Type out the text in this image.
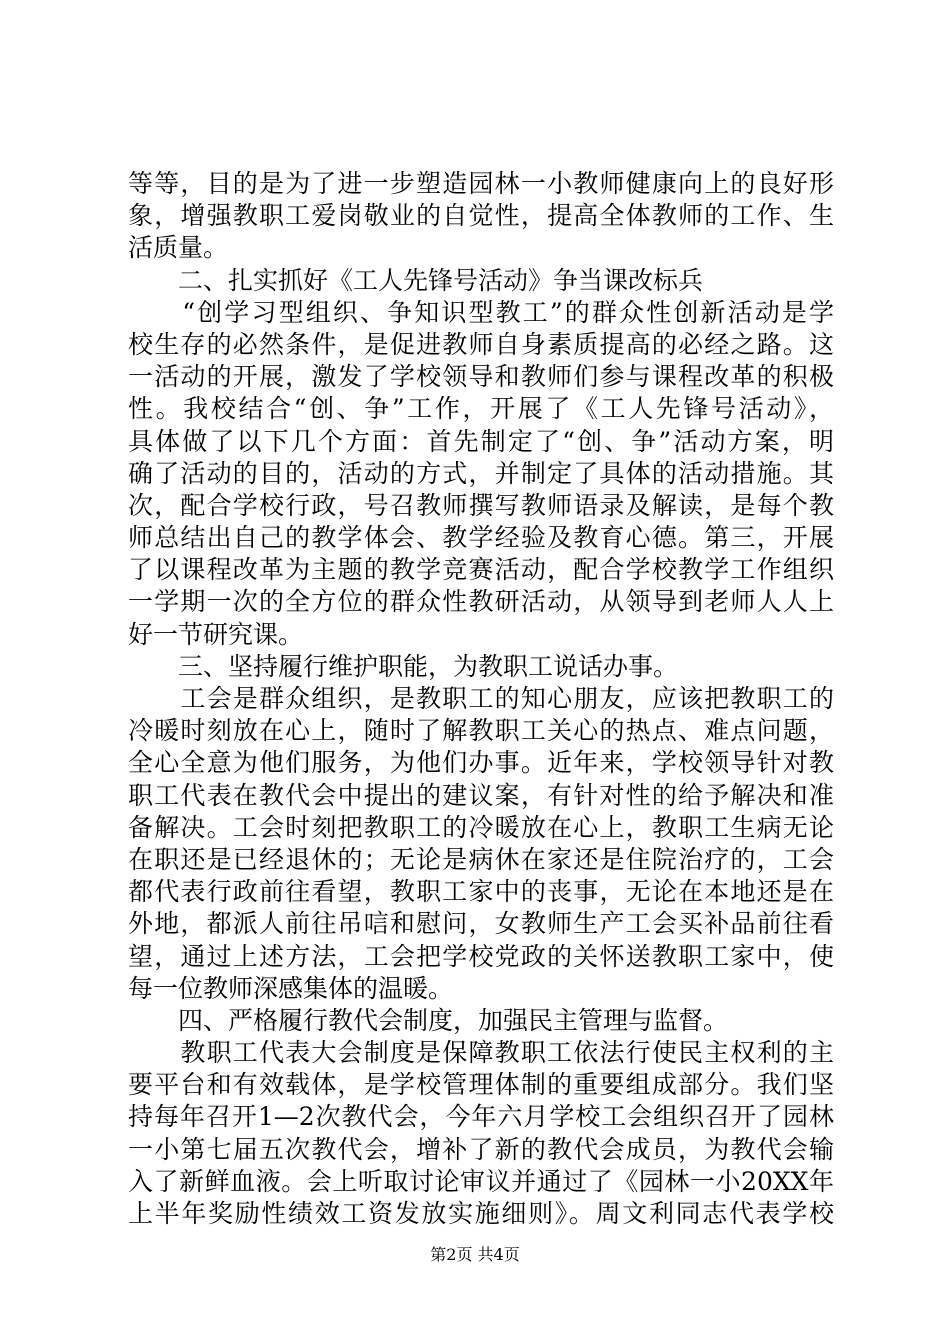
等等，目的是为了进一步塑造园林一小教师健康向上的良好形
象，增强教职工爱岗敬业的自觉性，提高全体教师的工作、生
活质量。
　　二、扎实抓好《工人先锋号活动》争当课改标兵
　　“创学习型组织、争知识型教工”的群众性创新活动是学
校生存的必然条件，是促进教师自身素质提高的必经之路。这
一活动的开展，激发了学校领导和教师们参与课程改革的积极
性。我校结合“创、争”工作，开展了《工人先锋号活动》，
具体做了以下几个方面：首先制定了“创、争”活动方案，明
确了活动的目的，活动的方式，并制定了具体的活动措施。其
次，配合学校行政，号召教师撰写教师语录及解读，是每个教
师总结出自己的教学体会、教学经验及教育心德。第三，开展
了以课程改革为主题的教学竞赛活动，配合学校教学工作组织
一学期一次的全方位的群众性教研活动，从领导到老师人人上
好一节研究课。
　　三、坚持履行维护职能，为教职工说话办事。
　　工会是群众组织，是教职工的知心朋友，应该把教职工的
冷暖时刻放在心上，随时了解教职工关心的热点、难点问题，
全心全意为他们服务，为他们办事。近年来，学校领导针对教
职工代表在教代会中提出的建议案，有针对性的给予解决和准
备解决。工会时刻把教职工的冷暖放在心上，教职工生病无论
在职还是已经退休的；无论是病休在家还是住院治疗的，工会
都代表行政前往看望，教职工家中的丧事，无论在本地还是在
外地，都派人前往吊唁和慰问，女教师生产工会买补品前往看
望，通过上述方法，工会把学校党政的关怀送教职工家中，使
每一位教师深感集体的温暖。
　　四、严格履行教代会制度，加强民主管理与监督。
　　教职工代表大会制度是保障教职工依法行使民主权利的主
要平台和有效载体，是学校管理体制的重要组成部分。我们坚
持每年召开1—2次教代会，今年六月学校工会组织召开了园林
一小第七届五次教代会，增补了新的教代会成员，为教代会输
入了新鲜血液。会上听取讨论审议并通过了《园林一小20XX年
上半年奖励性绩效工资发放实施细则》。周文利同志代表学校
第2页 共4页
